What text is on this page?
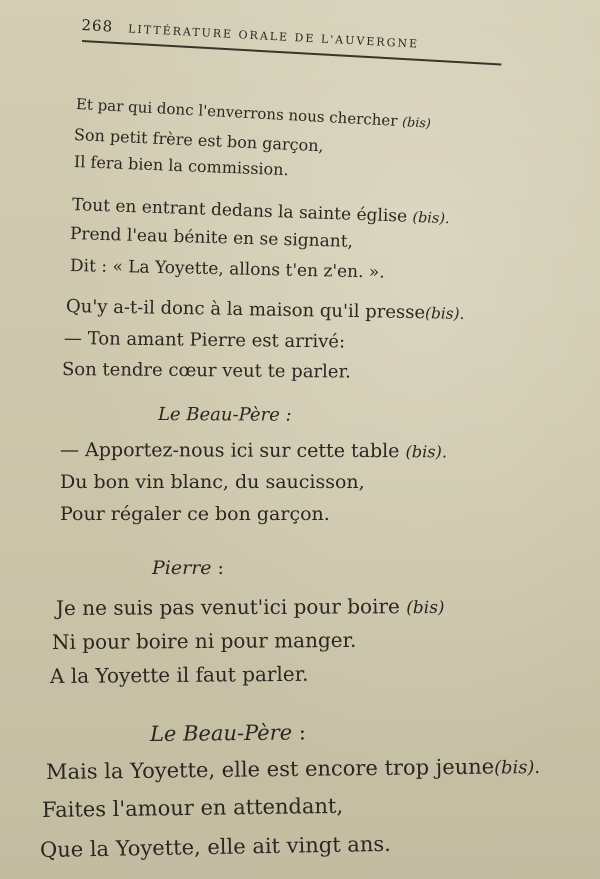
268 LITTÉRATURE ORALE DE L'AUVERGNE
Et par qui donc l'enverrons nous chercher (bis)
Son petit frère est bon garçon,
Il fera bien la commission.
Tout en entrant dedans la sainte église (bis).
Prend l'eau bénite en se signant,
Dit : « La Yoyette, allons t'en z'en. ».
Qu'y a-t-il donc à la maison qu'il presse(bis).
— Ton amant Pierre est arrivé:
Son tendre cœur veut te parler.
Le Beau-Père :
— Apportez-nous ici sur cette table (bis).
Du bon vin blanc, du saucisson,
Pour régaler ce bon garçon.
Pierre :
Je ne suis pas venut'ici pour boire (bis)
Ni pour boire ni pour manger.
A la Yoyette il faut parler.
Le Beau-Père :
Mais la Yoyette, elle est encore trop jeune(bis).
Faites l'amour en attendant,
Que la Yoyette, elle ait vingt ans.
